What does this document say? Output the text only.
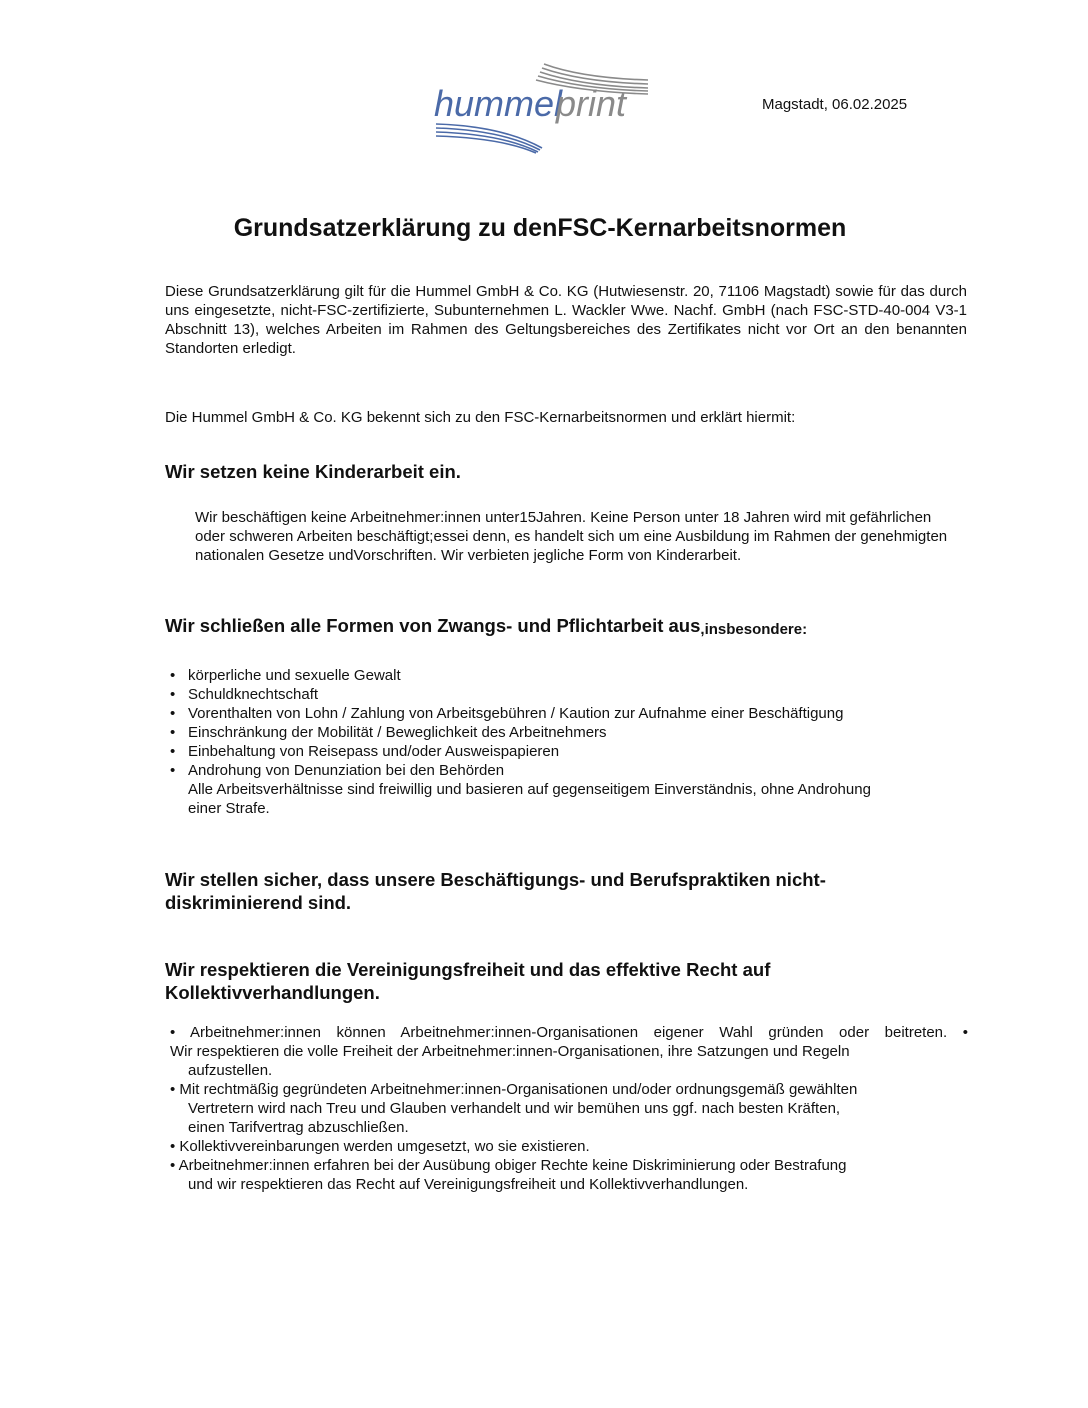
hummel
print	Magstadt, 06.02.2025
Grundsatzerklärung zu denFSC-Kernarbeitsnormen

Diese Grundsatzerklärung gilt für die Hummel GmbH & Co. KG (Hutwiesenstr. 20, 71106 Magstadt) sowie für das durch uns eingesetzte, nicht-FSC-zertifizierte, Subunternehmen L. Wackler Wwe. Nachf. GmbH (nach FSC-STD-40-004 V3-1 Abschnitt 13), welches Arbeiten im Rahmen des Geltungsbereiches des Zertifikates nicht vor Ort an den benannten Standorten erledigt.

Die Hummel GmbH & Co. KG bekennt sich zu den FSC-Kernarbeitsnormen und erklärt hiermit:

Wir setzen keine Kinderarbeit ein.

Wir beschäftigen keine Arbeitnehmer:innen unter15Jahren. Keine Person unter 18 Jahren wird mit gefährlichen oder schweren Arbeiten beschäftigt;essei denn, es handelt sich um eine Ausbildung im Rahmen der genehmigten nationalen Gesetze undVorschriften. Wir verbieten jegliche Form von Kinderarbeit.

Wir schließen alle Formen von Zwangs- und Pflichtarbeit aus,insbesondere:
• körperliche und sexuelle Gewalt
• Schuldknechtschaft
• Vorenthalten von Lohn / Zahlung von Arbeitsgebühren / Kaution zur Aufnahme einer Beschäftigung
• Einschränkung der Mobilität / Beweglichkeit des Arbeitnehmers
• Einbehaltung von Reisepass und/oder Ausweispapieren
• Androhung von Denunziation bei den Behörden
Alle Arbeitsverhältnisse sind freiwillig und basieren auf gegenseitigem Einverständnis, ohne Androhung einer Strafe.
Wir stellen sicher, dass unsere Beschäftigungs- und Berufspraktiken nicht-
diskriminierend sind.
Wir respektieren die Vereinigungsfreiheit und das effektive Recht auf
Kollektivverhandlungen.

• Arbeitnehmer:innen können Arbeitnehmer:innen-Organisationen eigener Wahl gründen oder beitreten. •

Wir respektieren die volle Freiheit der Arbeitnehmer:innen-Organisationen, ihre Satzungen und Regeln

aufzustellen.

• Mit rechtmäßig gegründeten Arbeitnehmer:innen-Organisationen und/oder ordnungsgemäß gewählten

Vertretern wird nach Treu und Glauben verhandelt und wir bemühen uns ggf. nach besten Kräften,

einen Tarifvertrag abzuschließen.

• Kollektivvereinbarungen werden umgesetzt, wo sie existieren.

• Arbeitnehmer:innen erfahren bei der Ausübung obiger Rechte keine Diskriminierung oder Bestrafung

und wir respektieren das Recht auf Vereinigungsfreiheit und Kollektivverhandlungen.
